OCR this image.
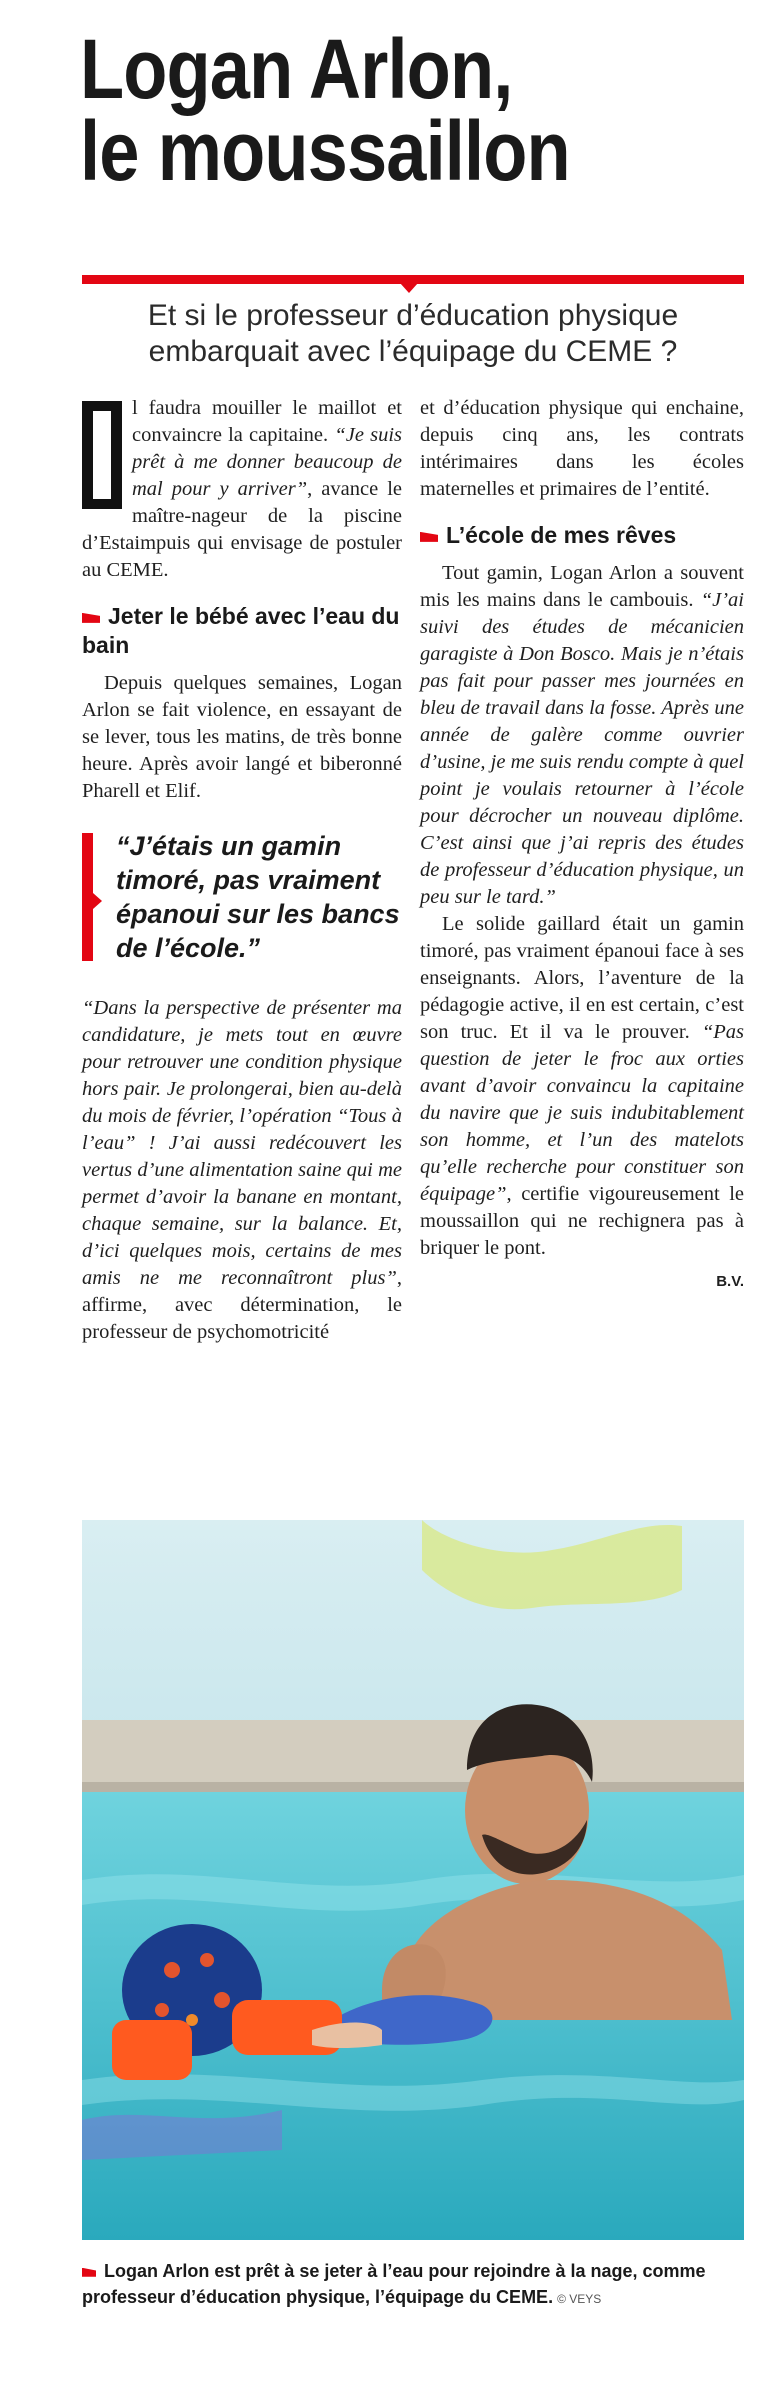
Logan Arlon,
le moussaillon
Et si le professeur d’éducation physique embarquait avec l’équipage du CEME ?

l faudra mouiller le maillot et convaincre la capitaine. “Je suis prêt à me donner beaucoup de mal pour y arriver”, avance le maître-nageur de la piscine d’Estaimpuis qui envisage de postuler au CEME.

Jeter le bébé avec l’eau du bain

Depuis quelques semaines, Logan Arlon se fait violence, en essayant de se lever, tous les matins, de très bonne heure. Après avoir langé et biberonné Pharell et Elif.

“J’étais un gamin timoré, pas vraiment épanoui sur les bancs de l’école.”

“Dans la perspective de présenter ma candidature, je mets tout en œuvre pour retrouver une condition physique hors pair. Je prolongerai, bien au-delà du mois de février, l’opération “Tous à l’eau” ! J’ai aussi redécouvert les vertus d’une alimentation saine qui me permet d’avoir la banane en montant, chaque semaine, sur la balance. Et, d’ici quelques mois, certains de mes amis ne me reconnaîtront plus”, affirme, avec détermination, le professeur de psychomotricité

et d’éducation physique qui enchaine, depuis cinq ans, les contrats intérimaires dans les écoles maternelles et primaires de l’entité.

L’école de mes rêves

Tout gamin, Logan Arlon a souvent mis les mains dans le cambouis. “J’ai suivi des études de mécanicien garagiste à Don Bosco. Mais je n’étais pas fait pour passer mes journées en bleu de travail dans la fosse. Après une année de galère comme ouvrier d’usine, je me suis rendu compte à quel point je voulais retourner à l’école pour décrocher un nouveau diplôme. C’est ainsi que j’ai repris des études de professeur d’éducation physique, un peu sur le tard.”

Le solide gaillard était un gamin timoré, pas vraiment épanoui face à ses enseignants. Alors, l’aventure de la pédagogie active, il en est certain, c’est son truc. Et il va le prouver. “Pas question de jeter le froc aux orties avant d’avoir convaincu la capitaine du navire que je suis indubitablement son homme, et l’un des matelots qu’elle recherche pour constituer son équipage”, certifie vigoureusement le moussaillon qui ne rechignera pas à briquer le pont.

B.V.
Logan Arlon est prêt à se jeter à l’eau pour rejoindre à la nage, comme professeur d’éducation physique, l’équipage du CEME. © VEYS
